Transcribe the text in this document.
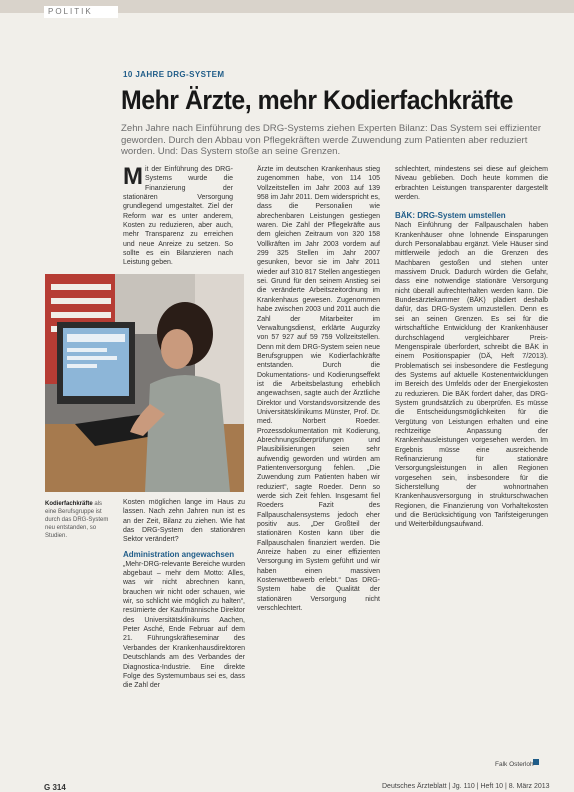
POLITIK
10 JAHRE DRG-SYSTEM
Mehr Ärzte, mehr Kodierfachkräfte
Zehn Jahre nach Einführung des DRG-Systems ziehen Experten Bilanz: Das System sei effizienter geworden. Durch den Abbau von Pflegekräften werde Zuwendung zum Patienten aber reduziert worden. Und: Das System stoße an seine Grenzen.
M it der Einführung des DRG-Systems wurde die Finanzierung der stationären Versorgung grundlegend umgestaltet. Ziel der Reform war es unter anderem, Kosten zu reduzieren, aber auch, mehr Transparenz zu erreichen und neue Anreize zu setzen. So sollte es ein Bilanzieren nach Leistung geben.

Kodierfachkräfte als eine Berufsgruppe ist durch das DRG-System neu entstanden, so Studien.

Kosten möglichen lange im Haus zu lassen. Nach zehn Jahren nun ist es an der Zeit, Bilanz zu ziehen. Wie hat das DRG-System den stationären Sektor verändert?

Administration angewachsen

„Mehr-DRG-relevante Bereiche wurden abgebaut – mehr dem Motto: Alles, was wir nicht abrechnen kann, brauchen wir nicht oder schauen, wie wir, so schlicht wie möglich zu halten“, resümierte der Kaufmännische Direktor des Universitätsklinikums Aachen, Peter Asché, Ende Februar auf dem 21. Führungskräfteseminar des Verbandes der Krankenhausdirektoren Deutschlands am des Verbandes der Diagnostica-Industrie. Eine direkte Folge des Systemumbaus sei es, dass die Zahl der

Ärzte im deutschen Krankenhaus stieg zugenommen habe, von 114 105 Vollzeitstellen im Jahr 2003 auf 139 958 im Jahr 2011. Dem widerspricht es, dass die Personalien wie abrechenbaren Leistungen gestiegen waren. Die Zahl der Pflegekräfte aus dem gleichen Zeitraum von 320 158 Vollkräften im Jahr 2003 vordem auf 299 325 Stellen im Jahr 2007 gesunken, bevor sie im Jahr 2011 wieder auf 310 817 Stellen angestiegen sei. Grund für den seinem Anstieg sei die veränderte Arbeitszeitordnung im Krankenhaus gewesen. Zugenommen habe zwischen 2003 und 2011 auch die Zahl der Mitarbeiter im Verwaltungsdienst, erklärte Augurzky von 57 927 auf 59 759 Vollzeitstellen. Denn mit dem DRG-System seien neue Berufsgruppen wie Kodierfachkräfte entstanden. Durch die Dokumentations- und Kodierungseffekt ist die Arbeitsbelastung erheblich angewachsen, sagte auch der Ärztliche Direktor und Vorstandsvorsitzende des Universitätsklinikums Münster, Prof. Dr. med. Norbert Roeder. Prozessdokumentation mit Kodierung, Abrechnungsüberprüfungen und Plausibilisierungen seien sehr aufwendig geworden und würden am Patientenversorgung fehlen. „Die Zuwendung zum Patienten haben wir reduziert“, sagte Roeder. Denn so werde sich Zeit fehlen. Insgesamt fiel Roeders Fazit des Fallpauschalensystems jedoch eher positiv aus. „Der Großteil der stationären Kosten kann über die Fallpauschalen finanziert werden. Die Anreize haben zu einer effizienten Versorgung im System geführt und wir haben einen massiven Kostenwettbewerb erlebt.“ Das DRG-System habe die Qualität der stationären Versorgung nicht verschlechtert.

schlechtert, mindestens sei diese auf gleichem Niveau geblieben. Doch heute kommen die erbrachten Leistungen transparenter dargestellt werden.

BÄK: DRG-System umstellen

Nach Einführung der Fallpauschalen haben Krankenhäuser ohne lohnende Einsparungen durch Personalabbau ergänzt. Viele Häuser sind mittlerweile jedoch an die Grenzen des Machbaren gestoßen und stehen unter massivem Druck. Dadurch würden die Gefahr, dass eine notwendige stationäre Versorgung nicht überall aufrechterhalten werden kann. Die Bundesärztekammer (BÄK) plädiert deshalb dafür, das DRG-System umzustellen. Denn es sei an seinen Grenzen. Es sei für die wirtschaftliche Entwicklung der Krankenhäuser durchschlagend vergleichbarer Preis-Mengenspirale überfordert, schreibt die BÄK in einem Positionspapier (DÄ, Heft 7/2013). Problematisch sei insbesondere die Festlegung des Systems auf aktuelle Kostenentwicklungen im Bereich des Umfelds oder der Energiekosten zu reduzieren. Die BÄK fordert daher, das DRG-System grundsätzlich zu überprüfen. Es müsse die Entscheidungsmöglichkeiten für die Vergütung von Leistungen erhalten und eine rechtzeitige Anpassung der Krankenhausleistungen vorgesehen werden. Im Ergebnis müsse eine ausreichende Refinanzierung für stationäre Versorgungsleistungen in allen Regionen vorgesehen sein, insbesondere für die Sicherstellung der wohnortnahen Krankenhausversorgung in strukturschwachen Regionen, die Finanzierung von Vorhaltekosten und die Berücksichtigung von Tarifsteigerungen und Weiterbildungsaufwand.

Falk Osterloh
G 314	Deutsches Ärzteblatt | Jg. 110 | Heft 10 | 8. März 2013
